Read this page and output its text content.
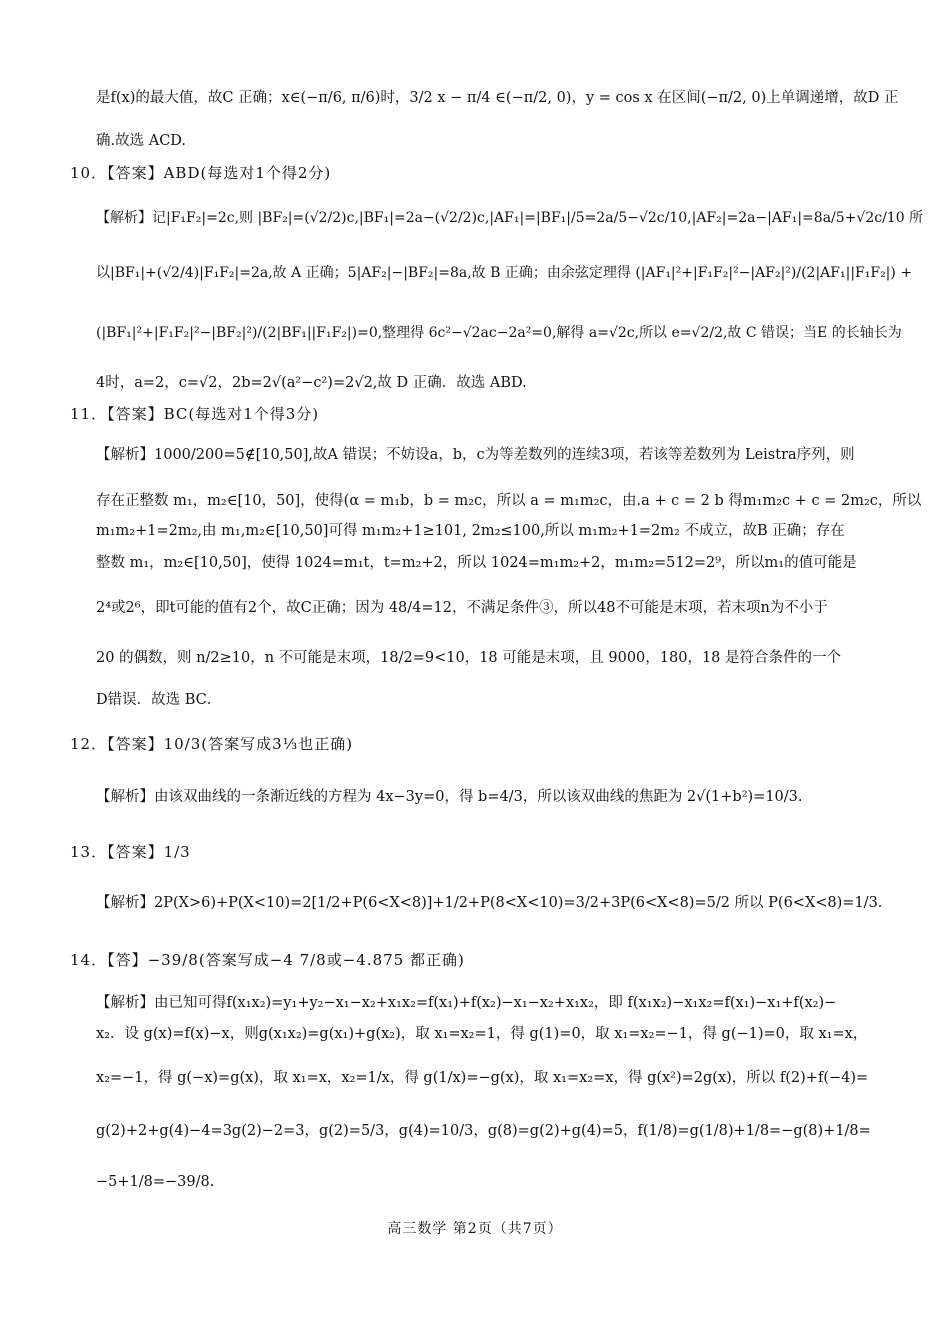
是f(x)的最大值，故C 正确；x∈(−π/6, π/6)时，3/2 x − π/4 ∈(−π/2, 0)，y = cos x 在区间(−π/2, 0)上单调递增，故D 正
确.故选 ACD.
10．【答案】ABD(每选对1个得2分)
【解析】记|F₁F₂|=2c,则 |BF₂|=(√2/2)c,|BF₁|=2a−(√2/2)c,|AF₁|=|BF₁|/5=2a/5−√2c/10,|AF₂|=2a−|AF₁|=8a/5+√2c/10 所
以|BF₁|+(√2/4)|F₁F₂|=2a,故 A 正确；5|AF₂|−|BF₂|=8a,故 B 正确；由余弦定理得 (|AF₁|²+|F₁F₂|²−|AF₂|²)/(2|AF₁||F₁F₂|) +
(|BF₁|²+|F₁F₂|²−|BF₂|²)/(2|BF₁||F₁F₂|)=0,整理得 6c²−√2ac−2a²=0,解得 a=√2c,所以 e=√2/2,故 C 错误；当E 的长轴长为
4时，a=2，c=√2，2b=2√(a²−c²)=2√2,故 D 正确．故选 ABD.
11．【答案】BC(每选对1个得3分)
【解析】1000/200=5∉[10,50],故A 错误；不妨设a，b，c为等差数列的连续3项，若该等差数列为 Leistra序列，则
存在正整数 m₁，m₂∈[10，50]，使得(α = m₁b，b = m₂c，所以 a = m₁m₂c，由.a + c = 2 b 得m₁m₂c + c = 2m₂c，所以
m₁m₂+1=2m₂,由 m₁,m₂∈[10,50]可得 m₁m₂+1≥101, 2m₂≤100,所以 m₁m₂+1=2m₂ 不成立，故B 正确；存在
整数 m₁，m₂∈[10,50]，使得 1024=m₁t，t=m₂+2，所以 1024=m₁m₂+2，m₁m₂=512=2⁹，所以m₁的值可能是
2⁴或2⁶，即t可能的值有2个，故C正确；因为 48/4=12，不满足条件③，所以48不可能是末项，若末项n为不小于
20 的偶数，则 n/2≥10，n 不可能是末项，18/2=9<10，18 可能是末项，且 9000，180，18 是符合条件的一个
D错误．故选 BC．
12．【答案】10/3(答案写成3⅓也正确)
【解析】由该双曲线的一条渐近线的方程为 4x−3y=0，得 b=4/3，所以该双曲线的焦距为 2√(1+b²)=10/3.
13．【答案】1/3
【解析】2P(X>6)+P(X<10)=2[1/2+P(6<X<8)]+1/2+P(8<X<10)=3/2+3P(6<X<8)=5/2 所以 P(6<X<8)=1/3.
14．【答】−39/8(答案写成−4 7/8或−4.875 都正确)
【解析】由已知可得f(x₁x₂)=y₁+y₂−x₁−x₂+x₁x₂=f(x₁)+f(x₂)−x₁−x₂+x₁x₂，即 f(x₁x₂)−x₁x₂=f(x₁)−x₁+f(x₂)−
x₂．设 g(x)=f(x)−x，则g(x₁x₂)=g(x₁)+g(x₂)，取 x₁=x₂=1，得 g(1)=0，取 x₁=x₂=−1，得 g(−1)=0，取 x₁=x，
x₂=−1，得 g(−x)=g(x)，取 x₁=x，x₂=1/x，得 g(1/x)=−g(x)，取 x₁=x₂=x，得 g(x²)=2g(x)，所以 f(2)+f(−4)=
g(2)+2+g(4)−4=3g(2)−2=3，g(2)=5/3，g(4)=10/3，g(8)=g(2)+g(4)=5，f(1/8)=g(1/8)+1/8=−g(8)+1/8=
−5+1/8=−39/8.
高三数学 第2页（共7页）
